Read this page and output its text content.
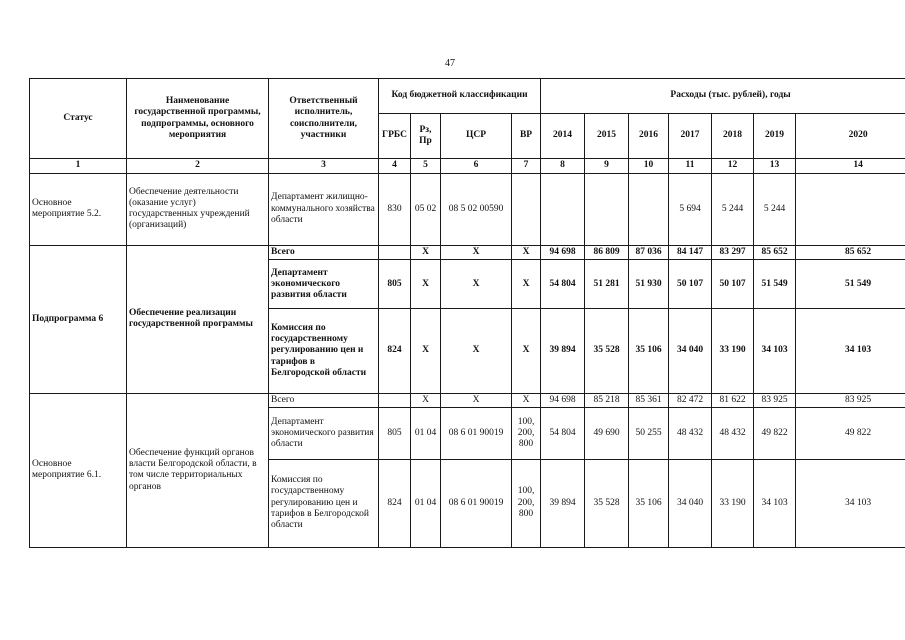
47
Статус	Наименование государственной программы, подпрограммы, основного мероприятия	Ответственный исполнитель, соисполнители, участники	Код бюджетной классификации				Расходы (тыс. рублей), годы						
			ГРБС	Рз, Пр	ЦСР	ВР	2014	2015	2016	2017	2018	2019	2020
1	2	3	4	5	6	7	8	9	10	11	12	13	14
Основное мероприятие 5.2.	Обеспечение деятельности (оказание услуг) государственных учреждений (организаций)	Департамент жилищно-коммунального хозяйства области	830	05 02	08 5 02 00590					5 694	5 244	5 244	
Подпрограмма 6	Обеспечение реализации государственной программы	Всего		X	X	X	94 698	86 809	87 036	84 147	83 297	85 652	85 652
		Департамент экономического развития области	805	X	X	X	54 804	51 281	51 930	50 107	50 107	51 549	51 549
		Комиссия по государственному регулированию цен и тарифов в Белгородской области	824	X	X	X	39 894	35 528	35 106	34 040	33 190	34 103	34 103
Основное мероприятие 6.1.	Обеспечение функций органов власти Белгородской области, в том числе территориальных органов	Всего		X	X	X	94 698	85 218	85 361	82 472	81 622	83 925	83 925
		Департамент экономического развития области	805	01 04	08 6 01 90019	100, 200, 800	54 804	49 690	50 255	48 432	48 432	49 822	49 822
		Комиссия по государственному регулированию цен и тарифов в Белгородской области	824	01 04	08 6 01 90019	100, 200, 800	39 894	35 528	35 106	34 040	33 190	34 103	34 103
